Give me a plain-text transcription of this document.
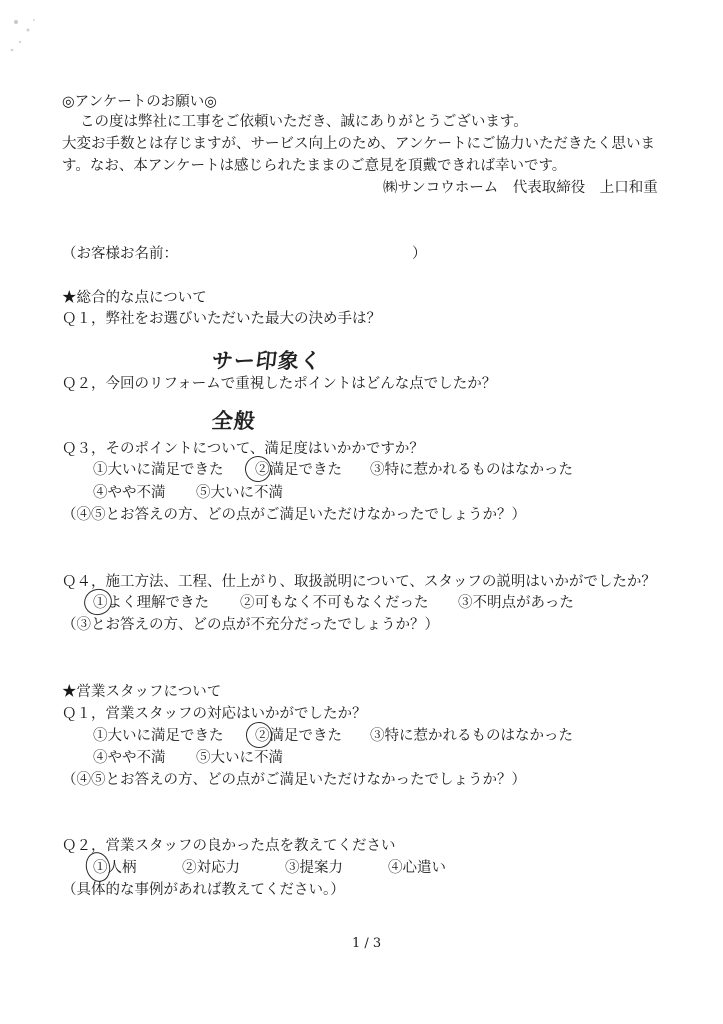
◎アンケートのお願い◎
この度は弊社に工事をご依頼いただき、誠にありがとうございます。
大変お手数とは存じますが、サービス向上のため、アンケートにご協力いただきたく思いま
す。なお、本アンケートは感じられたままのご意見を頂戴できれば幸いです。
㈱サンコウホーム　代表取締役　上口和重
（お客様お名前：	）
★総合的な点について
Ｑ１，弊社をお選びいただいた最大の決め手は？
サー印象く
Ｑ２，今回のリフォームで重視したポイントはどんな点でしたか？
全般
Ｑ３，そのポイントについて、満足度はいかかですか？
①大いに満足できた ②満足できた ③特に惹かれるものはなかった
④やや不満 ⑤大いに不満
（④⑤とお答えの方、どの点がご満足いただけなかったでしょうか？）
Ｑ４，施工方法、工程、仕上がり、取扱説明について、スタッフの説明はいかがでしたか？
①よく理解できた ②可もなく不可もなくだった ③不明点があった
（③とお答えの方、どの点が不充分だったでしょうか？）
★営業スタッフについて
Ｑ１，営業スタッフの対応はいかがでしたか？
①大いに満足できた ②満足できた ③特に惹かれるものはなかった
④やや不満 ⑤大いに不満
（④⑤とお答えの方、どの点がご満足いただけなかったでしょうか？）
Ｑ２，営業スタッフの良かった点を教えてください
①人柄	②対応力	③提案力	④心遣い
（具体的な事例があれば教えてください。）
1 / 3
